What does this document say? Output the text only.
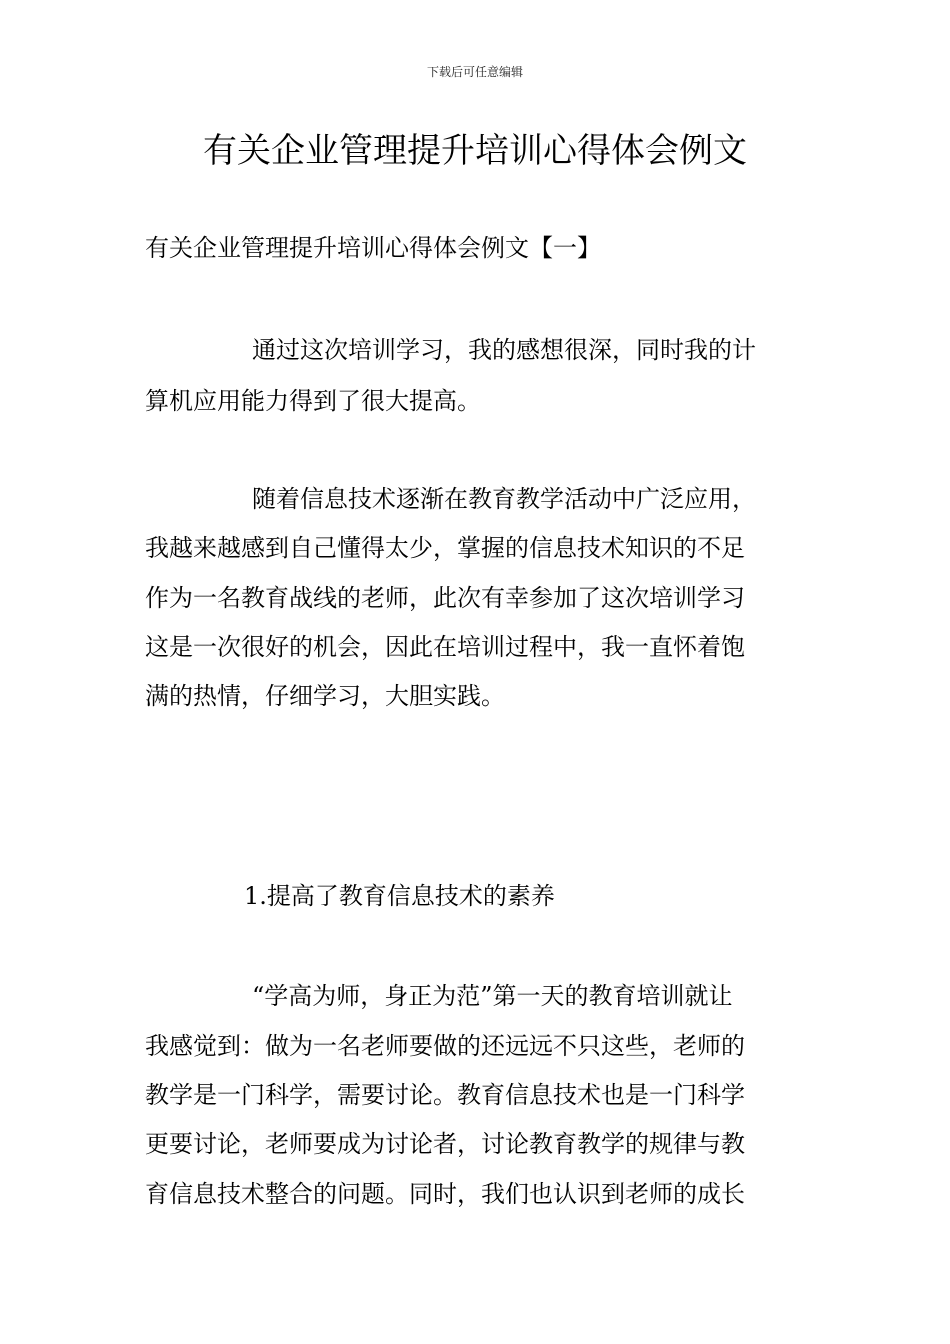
下载后可任意编辑
有关企业管理提升培训心得体会例文
有关企业管理提升培训心得体会例文【一】
通过这次培训学习，我的感想很深，同时我的计
算机应用能力得到了很大提高。
随着信息技术逐渐在教育教学活动中广泛应用，
我越来越感到自己懂得太少，掌握的信息技术知识的不足
作为一名教育战线的老师，此次有幸参加了这次培训学习
这是一次很好的机会，因此在培训过程中，我一直怀着饱
满的热情，仔细学习，大胆实践。
1.提高了教育信息技术的素养
“学高为师，身正为范”第一天的教育培训就让
我感觉到：做为一名老师要做的还远远不只这些，老师的
教学是一门科学，需要讨论。教育信息技术也是一门科学
更要讨论，老师要成为讨论者，讨论教育教学的规律与教
育信息技术整合的问题。同时，我们也认识到老师的成长
